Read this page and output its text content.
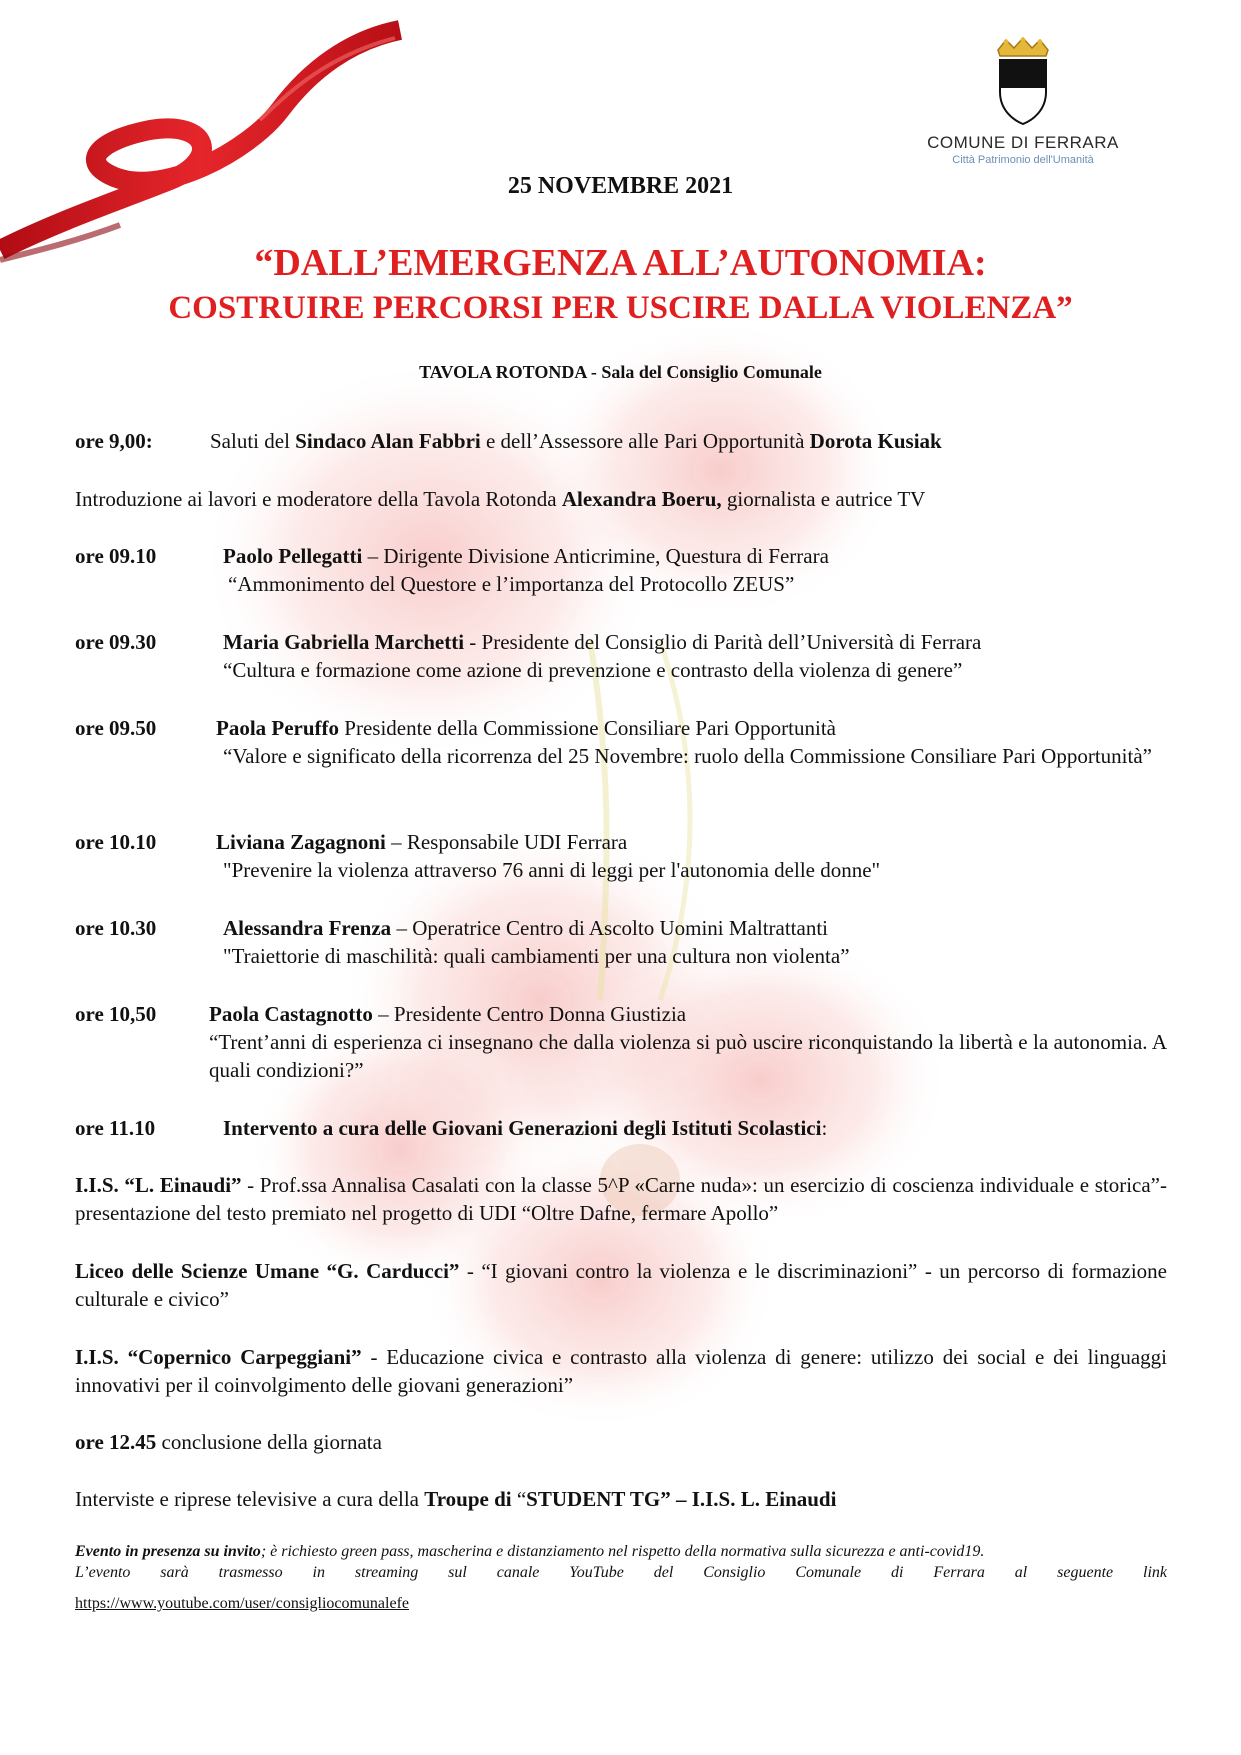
COMUNE DI FERRARA
Città Patrimonio dell'Umanità
25 NOVEMBRE 2021
“DALL’EMERGENZA ALL’AUTONOMIA:
COSTRUIRE PERCORSI PER USCIRE DALLA VIOLENZA”
TAVOLA ROTONDA - Sala del Consiglio Comunale
ore 9,00:	Saluti del Sindaco Alan Fabbri e dell’Assessore alle Pari Opportunità Dorota Kusiak
Introduzione ai lavori e moderatore della Tavola Rotonda Alexandra Boeru, giornalista e autrice TV
ore 09.10	Paolo Pellegatti – Dirigente Divisione Anticrimine, Questura di Ferrara
“Ammonimento del Questore e l’importanza del Protocollo ZEUS”
ore 09.30	Maria Gabriella Marchetti - Presidente del Consiglio di Parità dell’Università di Ferrara
“Cultura e formazione come azione di prevenzione e contrasto della violenza di genere”
ore 09.50	Paola Peruffo Presidente della Commissione Consiliare Pari Opportunità
“Valore e significato della ricorrenza del 25 Novembre: ruolo della Commissione Consiliare Pari Opportunità”
ore 10.10	Liviana Zagagnoni – Responsabile UDI Ferrara
"Prevenire la violenza attraverso 76 anni di leggi per l'autonomia delle donne"
ore 10.30	Alessandra Frenza – Operatrice Centro di Ascolto Uomini Maltrattanti
"Traiettorie di maschilità: quali cambiamenti per una cultura non violenta”
ore 10,50	Paola Castagnotto – Presidente Centro Donna Giustizia
“Trent’anni di esperienza ci insegnano che dalla violenza si può uscire riconquistando la libertà e la autonomia. A quali condizioni?”
ore 11.10	Intervento a cura delle Giovani Generazioni degli Istituti Scolastici:
I.I.S. “L. Einaudi” - Prof.ssa Annalisa Casalati con la classe 5^P «Carne nuda»: un esercizio di coscienza individuale e storica”- presentazione del testo premiato nel progetto di UDI “Oltre Dafne, fermare Apollo”
Liceo delle Scienze Umane “G. Carducci” - “I giovani contro la violenza e le discriminazioni” - un percorso di formazione culturale e civico”
I.I.S. “Copernico Carpeggiani” - Educazione civica e contrasto alla violenza di genere: utilizzo dei social e dei linguaggi innovativi per il coinvolgimento delle giovani generazioni”
ore 12.45 conclusione della giornata
Interviste e riprese televisive a cura della Troupe di “STUDENT TG” – I.I.S. L. Einaudi
Evento in presenza su invito; è richiesto green pass, mascherina e distanziamento nel rispetto della normativa sulla sicurezza e anti-covid19.
L’evento sarà trasmesso in streaming sul canale YouTube del Consiglio Comunale di Ferrara al seguente link
https://www.youtube.com/user/consigliocomunalefe
